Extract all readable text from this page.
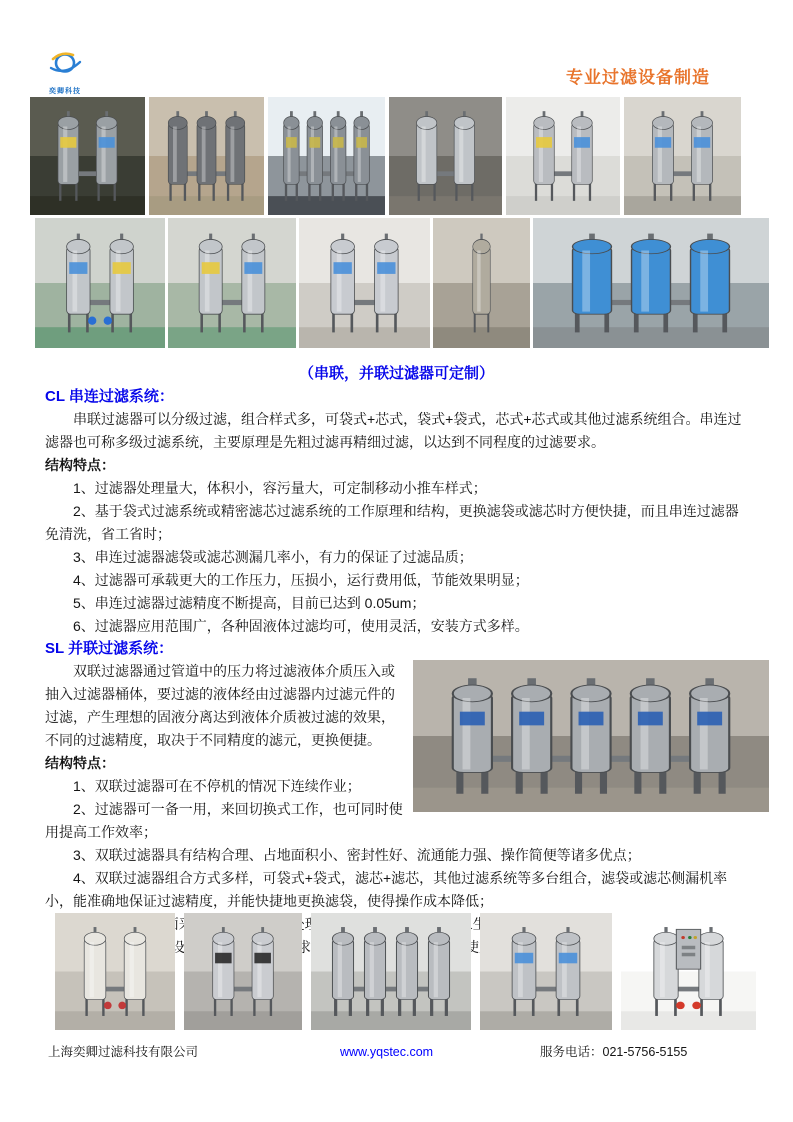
奕卿科技
专业过滤设备制造
（串联，并联过滤器可定制）
CL 串连过滤系统：

串联过滤器可以分级过滤，组合样式多，可袋式+芯式，袋式+袋式，芯式+芯式或其他过滤系统组合。串连过滤器也可称多级过滤系统，主要原理是先粗过滤再精细过滤，以达到不同程度的过滤要求。

结构特点：

1、过滤器处理量大，体积小，容污量大，可定制移动小推车样式；

2、基于袋式过滤系统或精密滤芯过滤系统的工作原理和结构，更换滤袋或滤芯时方便快捷，而且串连过滤器免清洗，省工省时；

3、串连过滤器滤袋或滤芯测漏几率小，有力的保证了过滤品质；

4、过滤器可承载更大的工作压力，压损小，运行费用低，节能效果明显；

5、串连过滤器过滤精度不断提高，目前已达到 0.05um；

6、过滤器应用范围广，各种固液体过滤均可，使用灵活，安装方式多样。

SL 并联过滤系统：

双联过滤器通过管道中的压力将过滤液体介质压入或抽入过滤器桶体，要过滤的液体经由过滤器内过滤元件的过滤，产生理想的固液分离达到液体介质被过滤的效果，不同的过滤精度，取决于不同精度的滤元，更换便捷。

结构特点：

1、双联过滤器可在不停机的情况下连续作业；

2、过滤器可一备一用，来回切换式工作，也可同时使用提高工作效率；

3、双联过滤器具有结构合理、占地面积小、密封性好、流通能力强、操作简便等诸多优点；

4、双联过滤器组合方式多样，可袋式+袋式，滤芯+滤芯，其他过滤系统等多台组合，滤袋或滤芯侧漏机率小，能准确地保证过滤精度，并能快捷地更换滤袋，使得操作成本降低；

上海奕卿过滤科技有限公司	www.yqstec.com	服务电话：021-5756-5155
